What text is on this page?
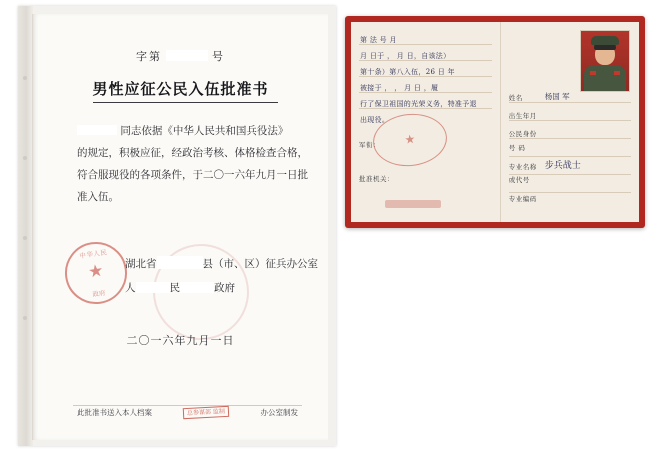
字第	号
男性应征公民入伍批准书
同志依据《中华人民共和国兵役法》
的规定，积极应征，经政治考核、体格检查合格，
符合服现役的各项条件，于二〇一六年九月一日批
准入伍。
中华人民
★
政府
湖北省	县（市、区）征兵办公室
人	民	政府
二〇一六年九月一日
此批准书送入本人档案	总参谋部 监制	办公室制发
第 法 号 月
月 日于 ， 月 日，自该法）
第十条）第八入伍，26 日 年
被接于 ， ， 月 日 ，履
行了保卫祖国的光荣义务，特准予退
出现役。
军衔：
批准机关：
★
姓名	杨国 军
出生年月
公民身份
号 码
专业名称 步兵战士
或代号
专业编码
